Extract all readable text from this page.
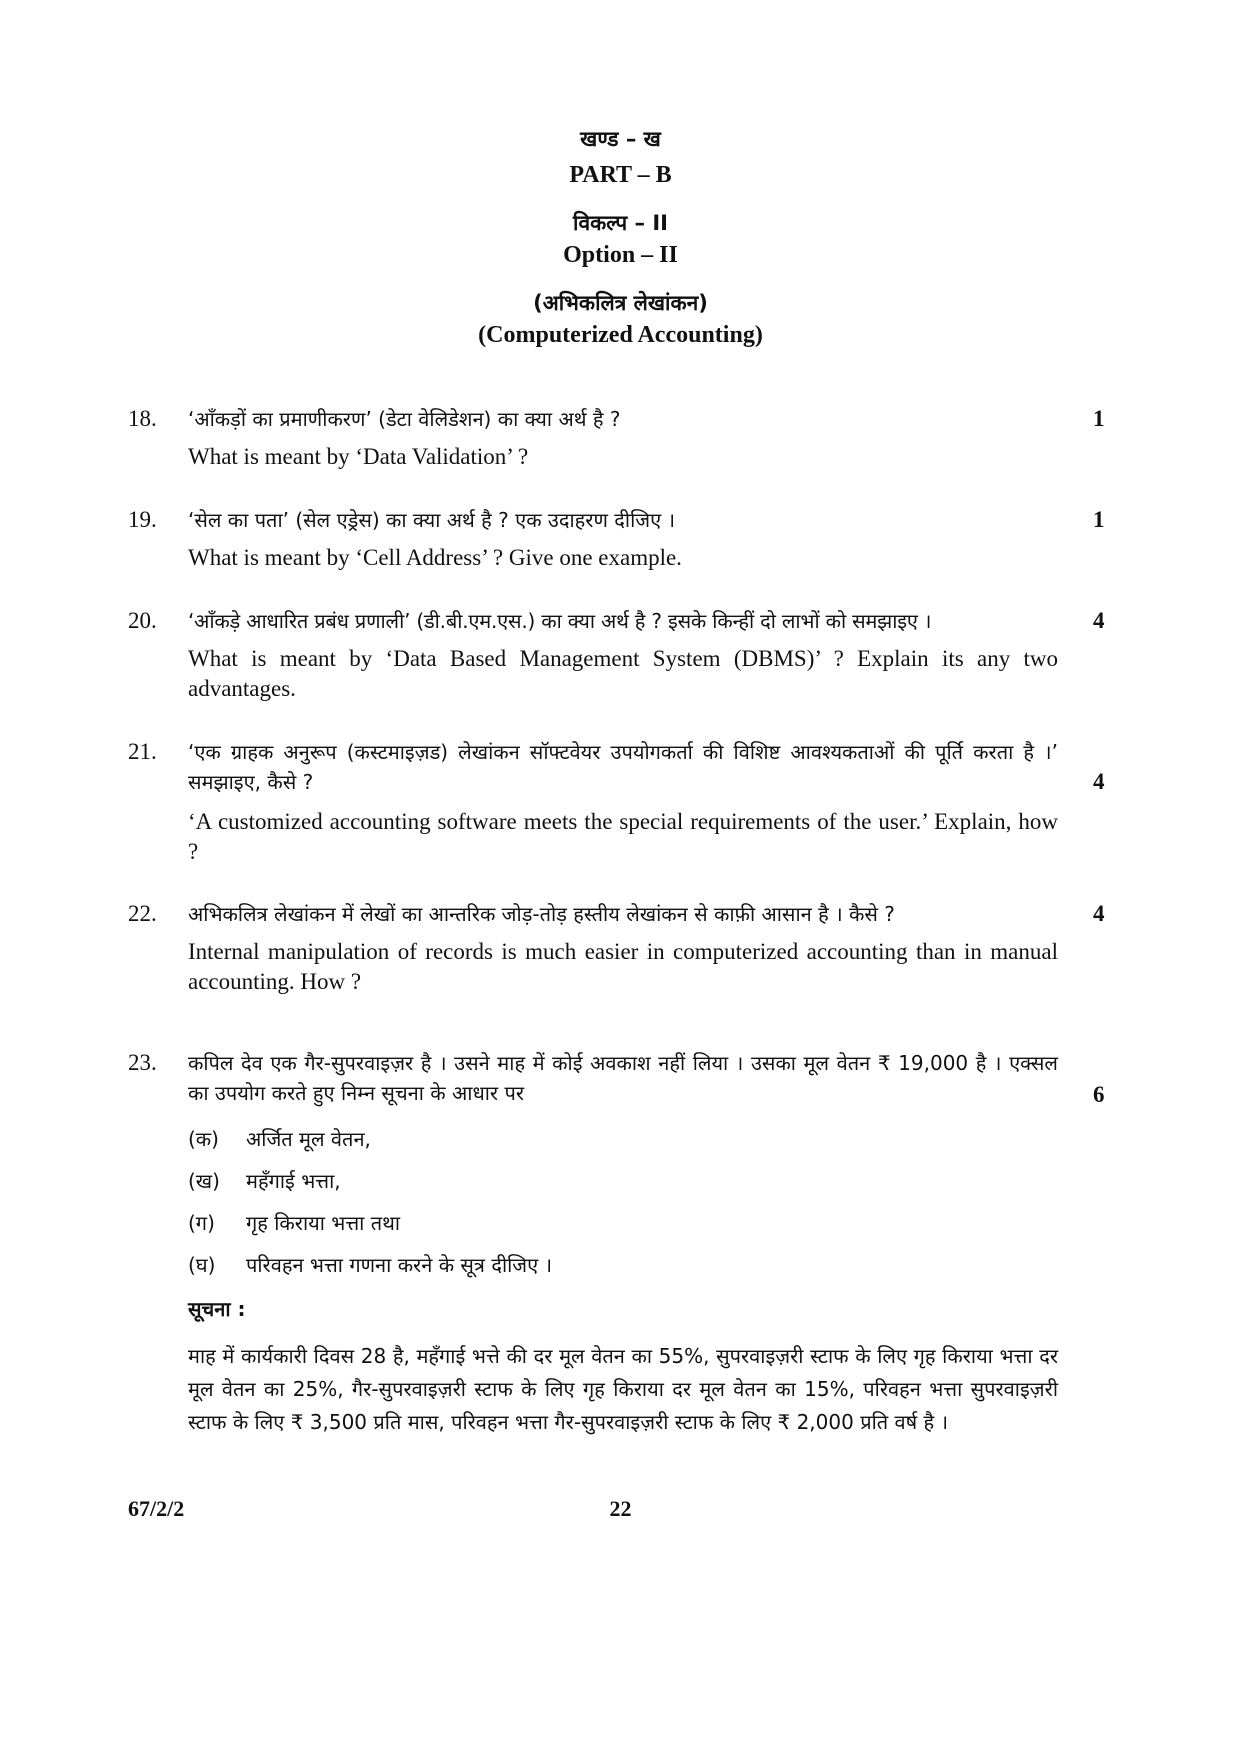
खण्ड – ख
PART – B
विकल्प – II
Option – II
(अभिकलित्र लेखांकन)
(Computerized Accounting)
18. ‘आँकड़ों का प्रमाणीकरण’ (डेटा वेलिडेशन) का क्या अर्थ है ?
What is meant by ‘Data Validation’ ?
1
19. ‘सेल का पता’ (सेल एड्रेस) का क्या अर्थ है ? एक उदाहरण दीजिए ।
What is meant by ‘Cell Address’ ? Give one example.
1
20. ‘आँकड़े आधारित प्रबंध प्रणाली’ (डी.बी.एम.एस.) का क्या अर्थ है ? इसके किन्हीं दो लाभों को समझाइए ।
What is meant by ‘Data Based Management System (DBMS)’ ? Explain its any two advantages.
4
21. ‘एक ग्राहक अनुरूप (कस्टमाइज़ड) लेखांकन सॉफ्टवेयर उपयोगकर्ता की विशिष्ट आवश्यकताओं की पूर्ति करता है ।’ समझाइए, कैसे ?
‘A customized accounting software meets the special requirements of the user.’ Explain, how ?
4
22. अभिकलित्र लेखांकन में लेखों का आन्तरिक जोड़-तोड़ हस्तीय लेखांकन से काफ़ी आसान है । कैसे ?
Internal manipulation of records is much easier in computerized accounting than in manual accounting. How ?
4
23. कपिल देव एक गैर-सुपरवाइज़र है । उसने माह में कोई अवकाश नहीं लिया । उसका मूल वेतन ₹ 19,000 है । एक्सल का उपयोग करते हुए निम्न सूचना के आधार पर	6
(क) अर्जित मूल वेतन,
(ख) महँगाई भत्ता,
(ग) गृह किराया भत्ता तथा
(घ) परिवहन भत्ता गणना करने के सूत्र दीजिए ।
सूचना :
माह में कार्यकारी दिवस 28 है, महँगाई भत्ते की दर मूल वेतन का 55%, सुपरवाइज़री स्टाफ के लिए गृह किराया भत्ता दर मूल वेतन का 25%, गैर-सुपरवाइज़री स्टाफ के लिए गृह किराया दर मूल वेतन का 15%, परिवहन भत्ता सुपरवाइज़री स्टाफ के लिए ₹ 3,500 प्रति मास, परिवहन भत्ता गैर-सुपरवाइज़री स्टाफ के लिए ₹ 2,000 प्रति वर्ष है ।
67/2/2	22
